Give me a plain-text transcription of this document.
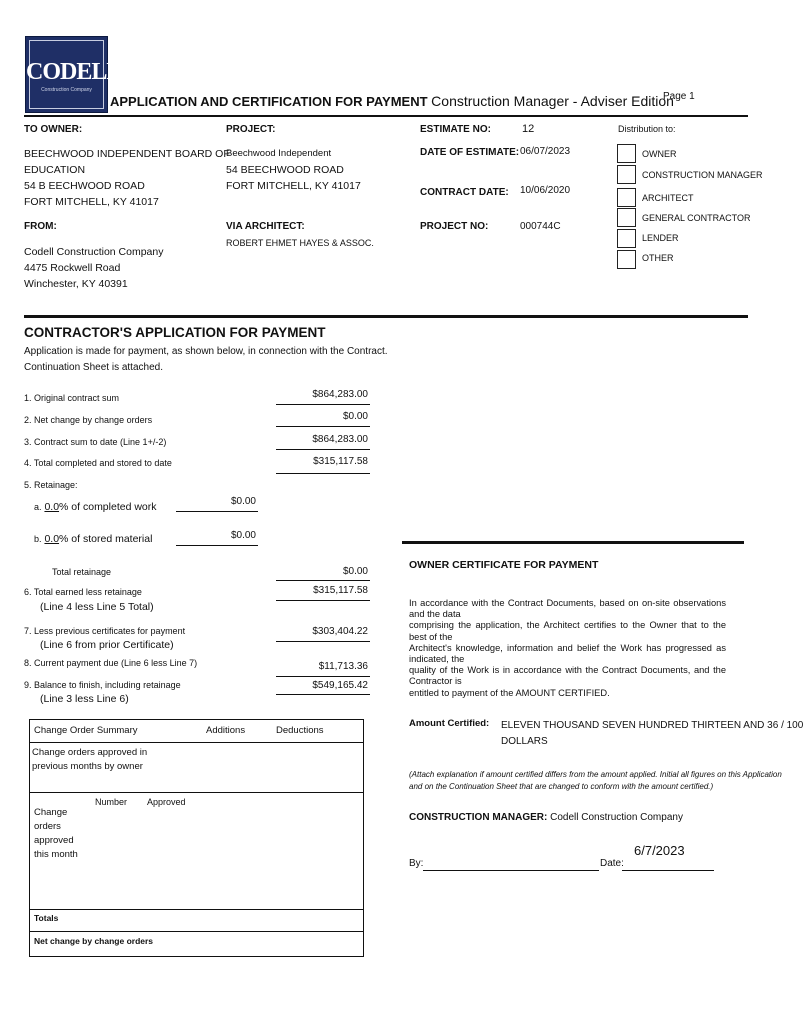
CODELL
Construction Company
APPLICATION AND CERTIFICATION FOR PAYMENT Construction Manager - Adviser Edition
Page 1
TO OWNER:	PROJECT:	ESTIMATE NO:	12	Distribution to:
BEECHWOOD INDEPENDENT BOARD OF
EDUCATION
54 B EECHWOOD ROAD
FORT MITCHELL, KY 41017
Beechwood Independent
54 BEECHWOOD ROAD
FORT MITCHELL, KY 41017
DATE OF ESTIMATE: 06/07/2023
CONTRACT DATE: 10/06/2020
PROJECT NO:	000744C
FROM:	VIA ARCHITECT:
ROBERT EHMET HAYES & ASSOC.
Codell Construction Company
4475 Rockwell Road
Winchester, KY 40391
OWNER
CONSTRUCTION MANAGER
ARCHITECT
GENERAL CONTRACTOR
LENDER
OTHER
CONTRACTOR'S APPLICATION FOR PAYMENT
Application is made for payment, as shown below, in connection with the Contract.
Continuation Sheet is attached.
1. Original contract sum	$864,283.00
2. Net change by change orders	$0.00
3. Contract sum to date (Line 1+/-2)	$864,283.00
4. Total completed and stored to date	$315,117.58
5. Retainage:
a. 0.0% of completed work	$0.00
b. 0.0% of stored material	$0.00
Total retainage	$0.00
6. Total earned less retainage
(Line 4 less Line 5 Total)
$315,117.58
7. Less previous certificates for payment
(Line 6 from prior Certificate)
$303,404.22
8. Current payment due (Line 6 less Line 7)	$11,713.36
9. Balance to finish, including retainage
(Line 3 less Line 6)
$549,165.42
Change Order Summary	Additions	Deductions
Change orders approved in
previous months by owner
Number Approved
Change
orders
approved
this month
Totals
Net change by change orders
OWNER CERTIFICATE FOR PAYMENT
In accordance with the Contract Documents, based on on-site observations and the data
comprising the application, the Architect certifies to the Owner that to the best of the
Architect's knowledge, information and belief the Work has progressed as indicated, the
quality of the Work is in accordance with the Contract Documents, and the Contractor is
entitled to payment of the AMOUNT CERTIFIED.
Amount Certified: ELEVEN THOUSAND SEVEN HUNDRED THIRTEEN AND 36 / 100
DOLLARS
(Attach explanation if amount certified differs from the amount applied. Initial all figures on this Application
and on the Continuation Sheet that are changed to conform with the amount certified.)
CONSTRUCTION MANAGER: Codell Construction Company
6/7/2023
By:	Date:
